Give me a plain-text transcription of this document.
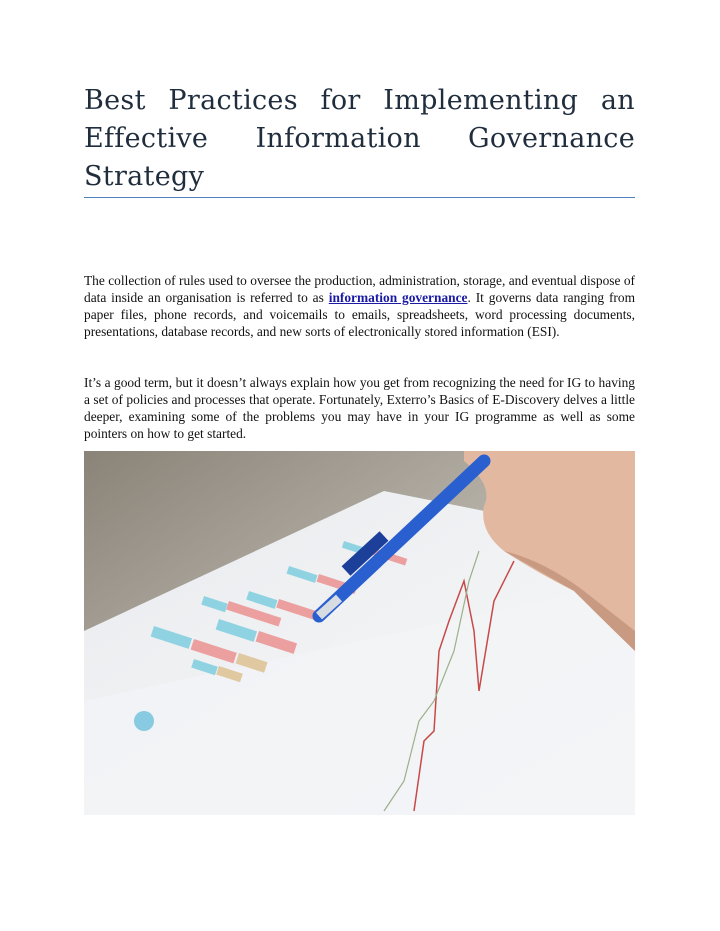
Best Practices for Implementing an Effective Information Governance Strategy

The collection of rules used to oversee the production, administration, storage, and eventual dispose of data inside an organisation is referred to as information governance. It governs data ranging from paper files, phone records, and voicemails to emails, spreadsheets, word processing documents, presentations, database records, and new sorts of electronically stored information (ESI).

It’s a good term, but it doesn’t always explain how you get from recognizing the need for IG to having a set of policies and processes that operate. Fortunately, Exterro’s Basics of E-Discovery delves a little deeper, examining some of the problems you may have in your IG programme as well as some pointers on how to get started.
